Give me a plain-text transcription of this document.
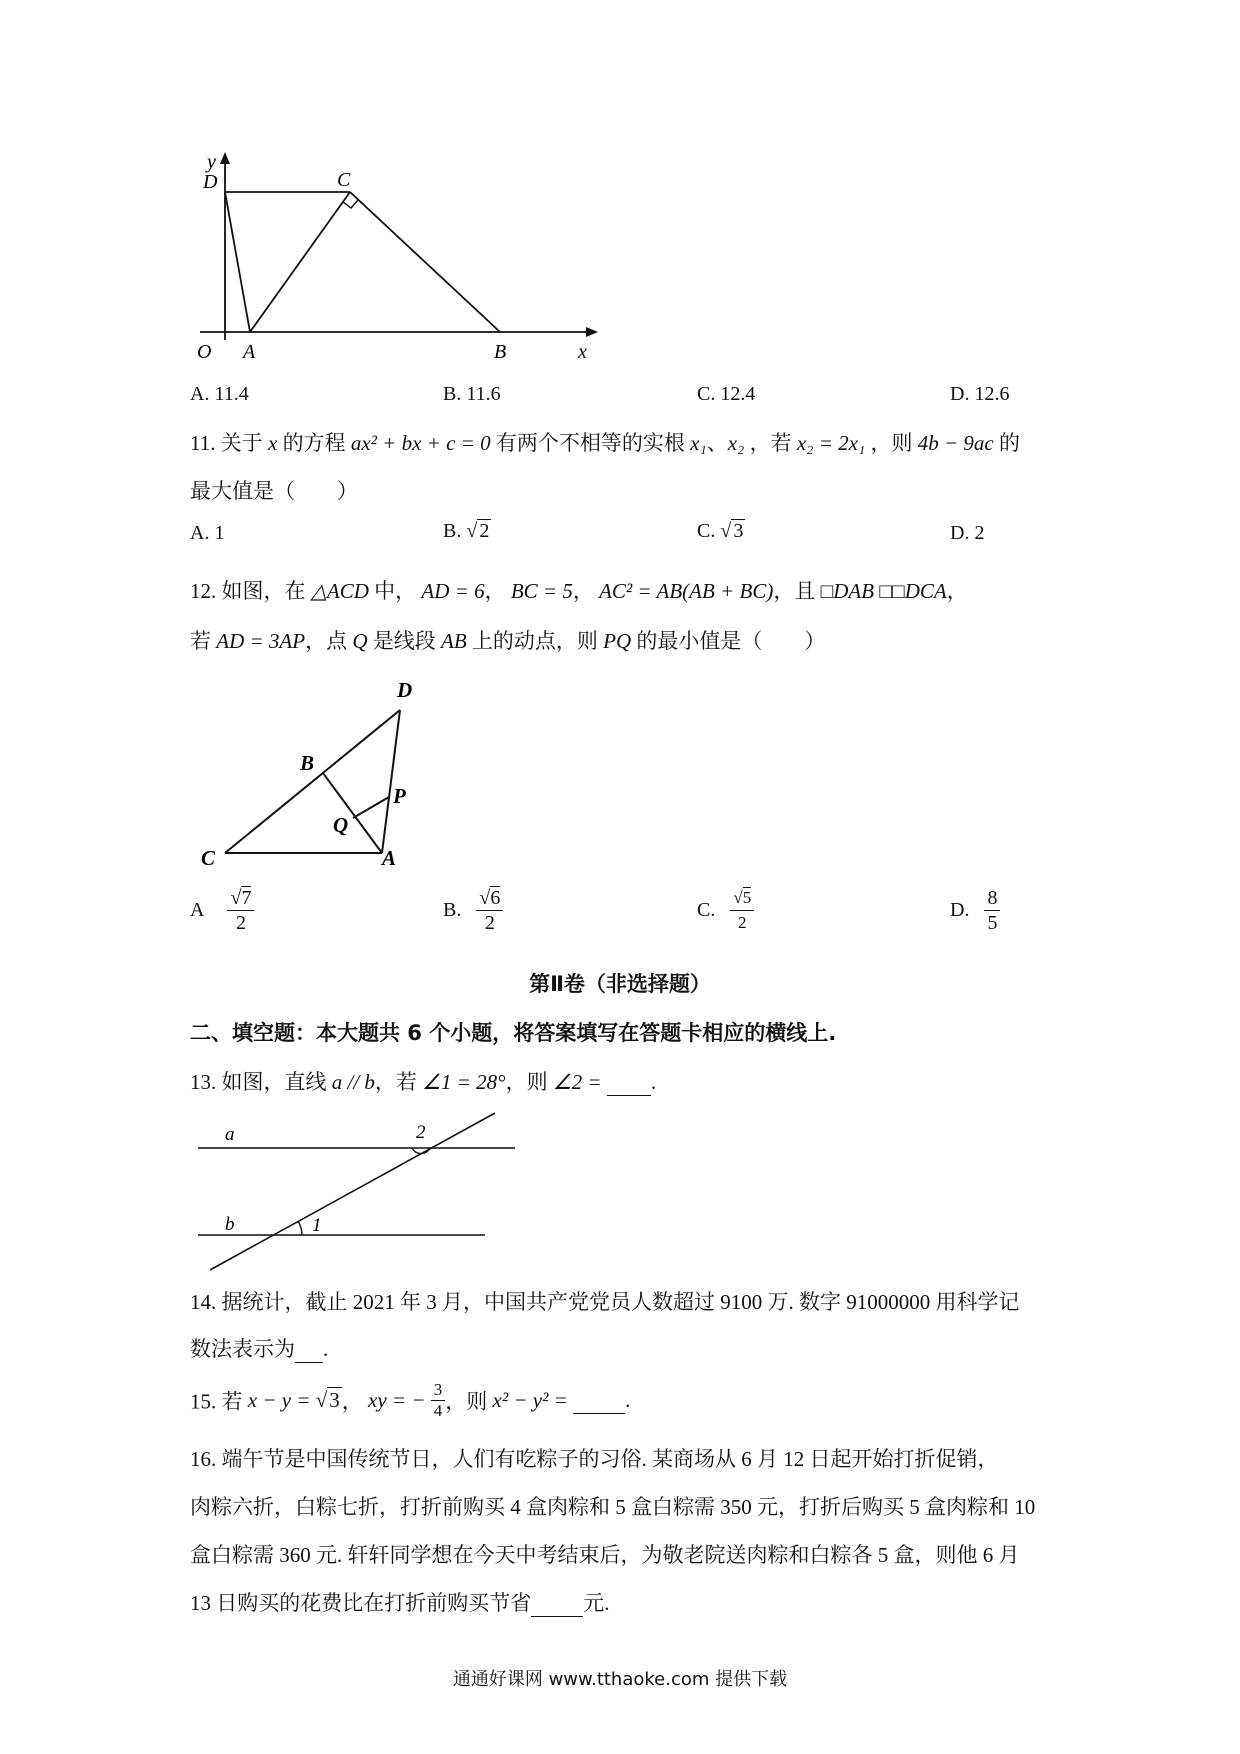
y
D	C
O A	B	x
A. 11.4	B. 11.6	C. 12.4	D. 12.6
11. 关于 x 的方程 ax² + bx + c = 0 有两个不相等的实根 x₁、x₂ ，若 x₂ = 2x₁ ，则 4b − 9ac 的
最大值是（　　）
A. 1	B. √ 2	C. √ 3	D. 2
12. 如图，在 △ACD 中， AD = 6， BC = 5， AC² = AB(AB + BC)，且 □DAB □□DCA，
若 AD = 3AP，点 Q 是线段 AB 上的动点，则 PQ 的最小值是（　　）
D
B
P
Q
C	A
A $\frac{√7}{2}$	B. $\frac{√6}{2}$	C. $\frac{√5}{2}$	D. $\frac{8}{5}$
第Ⅱ卷（非选择题）
二、填空题：本大题共 6 个小题，将答案填写在答题卡相应的横线上.
13. 如图，直线 a // b，若 ∠1 = 28°，则 ∠2 = .
a
b	1
2
14. 据统计，截止 2021 年 3 月，中国共产党党员人数超过 9100 万. 数字 91000000 用科学记
数法表示为 .
15. 若 x − y = √3， xy = − $\frac{3}{4}$ ，则 x² − y² =	.
16. 端午节是中国传统节日，人们有吃粽子的习俗. 某商场从 6 月 12 日起开始打折促销，
肉粽六折，白粽七折，打折前购买 4 盒肉粽和 5 盒白粽需 350 元，打折后购买 5 盒肉粽和 10
盒白粽需 360 元. 轩轩同学想在今天中考结束后，为敬老院送肉粽和白粽各 5 盒，则他 6 月
13 日购买的花费比在打折前购买节省 元.
通通好课网 www.tthaoke.com 提供下载
